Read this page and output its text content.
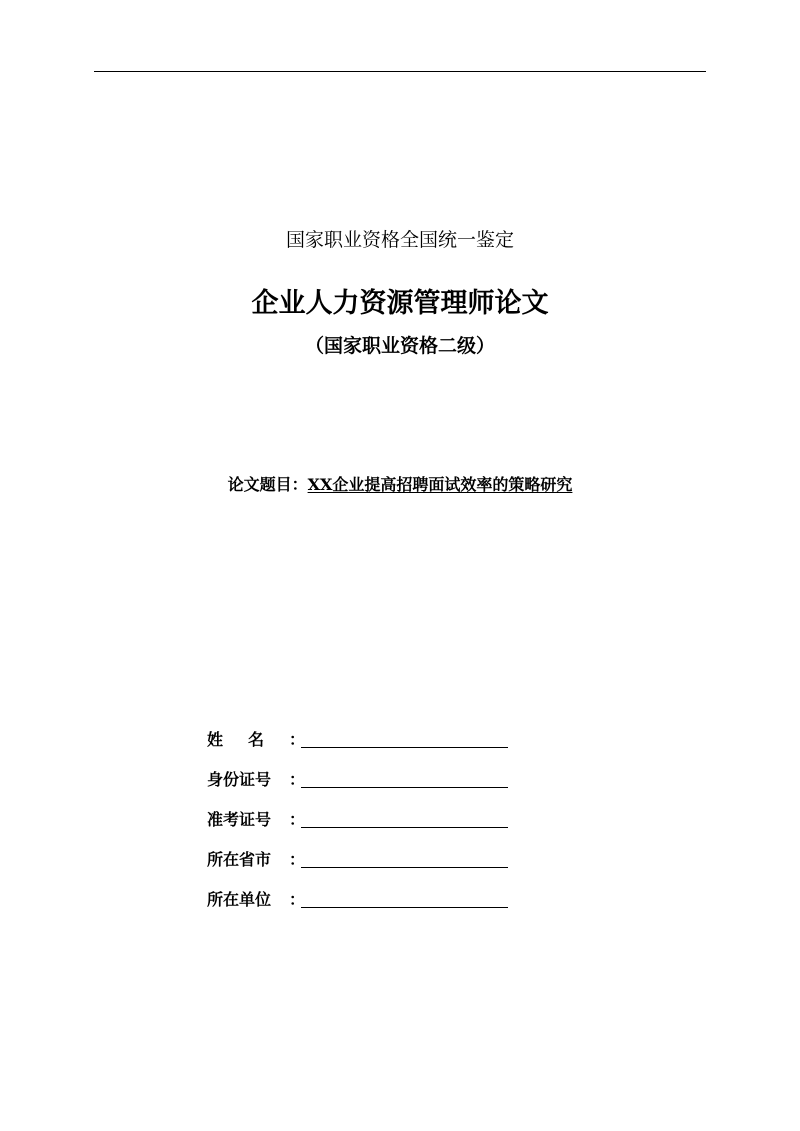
国家职业资格全国统一鉴定
企业人力资源管理师论文
（国家职业资格二级）
论文题目：XX企业提高招聘面试效率的策略研究
姓名 ：
身份证号	：
准考证号	：
所在省市	：
所在单位	：
